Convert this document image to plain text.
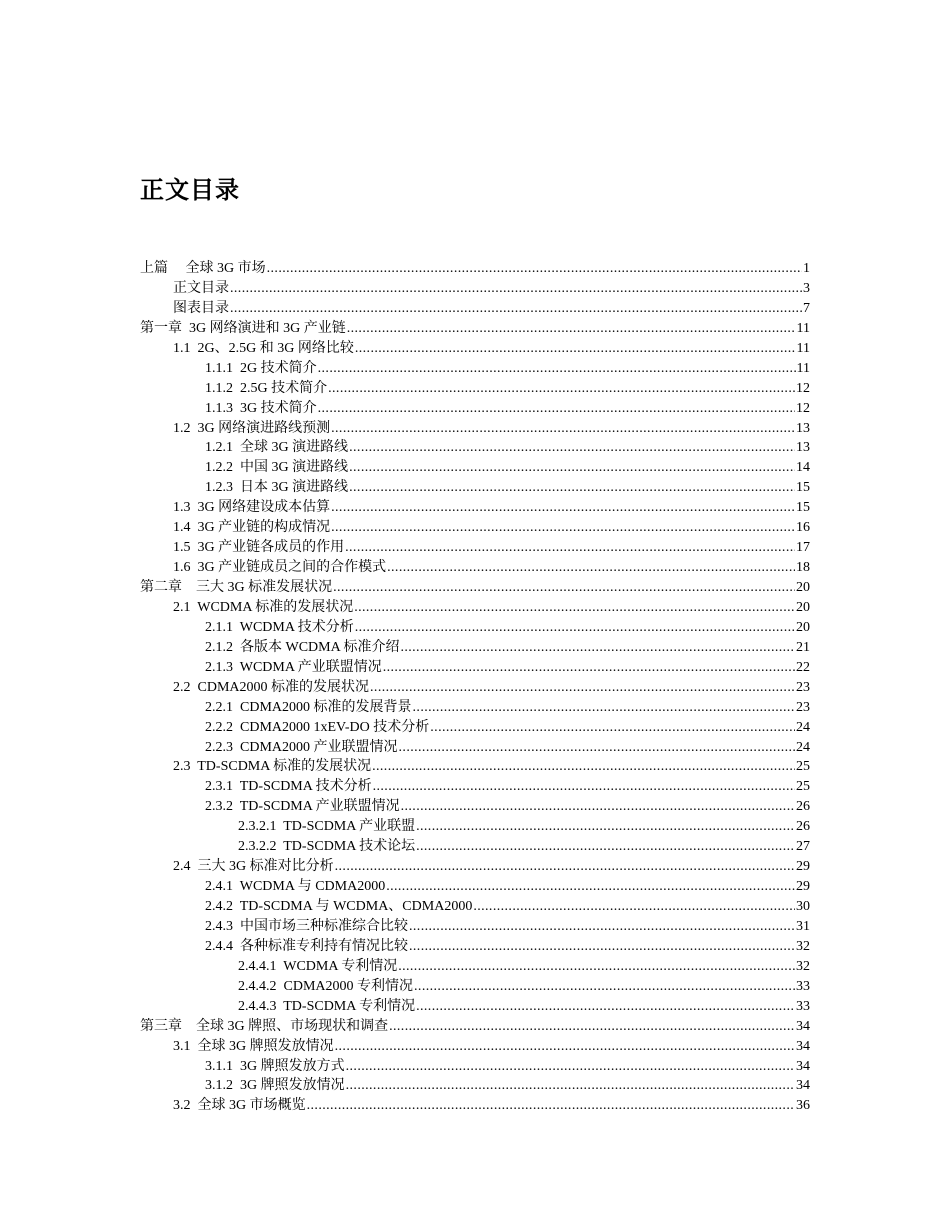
正文目录
上篇　 全球 3G 市场 .....	1
正文目录 .....	3
图表目录 .....	7
第一章  3G 网络演进和 3G 产业链 .....	11
1.1  2G、2.5G 和 3G 网络比较 .....	11
1.1.1  2G 技术简介 .....	11
1.1.2  2.5G 技术简介 .....	12
1.1.3  3G 技术简介 .....	12
1.2  3G 网络演进路线预测 .....	13
1.2.1  全球 3G 演进路线 .....	13
1.2.2  中国 3G 演进路线 .....	14
1.2.3  日本 3G 演进路线 .....	15
1.3  3G 网络建设成本估算 .....	15
1.4  3G 产业链的构成情况 .....	16
1.5  3G 产业链各成员的作用 .....	17
1.6  3G 产业链成员之间的合作模式 .....	18
第二章　三大 3G 标准发展状况 .....	20
2.1  WCDMA 标准的发展状况 .....	20
2.1.1  WCDMA 技术分析 .....	20
2.1.2  各版本 WCDMA 标准介绍 .....	21
2.1.3  WCDMA 产业联盟情况 .....	22
2.2  CDMA2000 标准的发展状况 .....	23
2.2.1  CDMA2000 标准的发展背景 .....	23
2.2.2  CDMA2000 1xEV-DO 技术分析 .....	24
2.2.3  CDMA2000 产业联盟情况 .....	24
2.3  TD-SCDMA 标准的发展状况 .....	25
2.3.1  TD-SCDMA 技术分析 .....	25
2.3.2  TD-SCDMA 产业联盟情况 .....	26
2.3.2.1  TD-SCDMA 产业联盟 .....	26
2.3.2.2  TD-SCDMA 技术论坛 .....	27
2.4  三大 3G 标准对比分析 .....	29
2.4.1  WCDMA 与 CDMA2000 .....	29
2.4.2  TD-SCDMA 与 WCDMA、CDMA2000 .....	30
2.4.3  中国市场三种标准综合比较 .....	31
2.4.4  各种标准专利持有情况比较 .....	32
2.4.4.1  WCDMA 专利情况 .....	32
2.4.4.2  CDMA2000 专利情况 .....	33
2.4.4.3  TD-SCDMA 专利情况 .....	33
第三章　全球 3G 牌照、市场现状和调查 .....	34
3.1  全球 3G 牌照发放情况 .....	34
3.1.1  3G 牌照发放方式 .....	34
3.1.2  3G 牌照发放情况 .....	34
3.2  全球 3G 市场概览 .....	36
